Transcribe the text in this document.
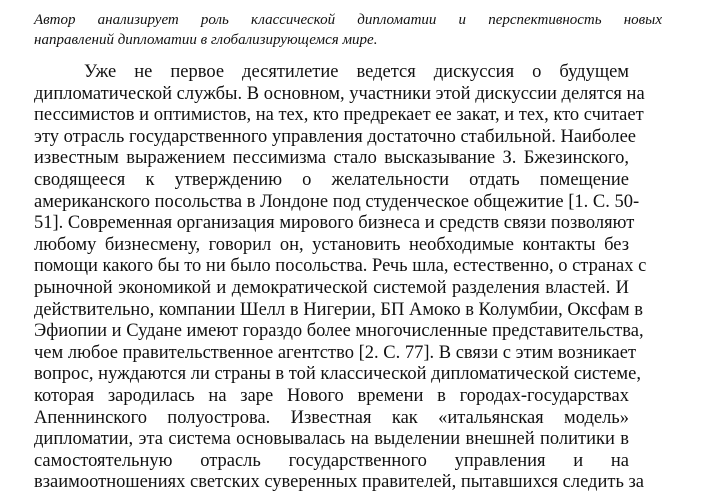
Автор анализирует роль классической дипломатии и перспективность новых
направлений дипломатии в глобализирующемся мире.
Уже не первое десятилетие ведется дискуссия о будущем
дипломатической службы. В основном, участники этой дискуссии делятся на
пессимистов и оптимистов, на тех, кто предрекает ее закат, и тех, кто считает
эту отрасль государственного управления достаточно стабильной. Наиболее
известным выражением пессимизма стало высказывание З. Бжезинского,
сводящееся к утверждению о желательности отдать помещение
американского посольства в Лондоне под студенческое общежитие [1. С. 50-
51]. Современная организация мирового бизнеса и средств связи позволяют
любому бизнесмену, говорил он, установить необходимые контакты без
помощи какого бы то ни было посольства. Речь шла, естественно, о странах с
рыночной экономикой и демократической системой разделения властей. И
действительно, компании Шелл в Нигерии, БП Амоко в Колумбии, Оксфам в
Эфиопии и Судане имеют гораздо более многочисленные представительства,
чем любое правительственное агентство [2. С. 77]. В связи с этим возникает
вопрос, нуждаются ли страны в той классической дипломатической системе,
которая зародилась на заре Нового времени в городах-государствах
Апеннинского полуострова. Известная как «итальянская модель»
дипломатии, эта система основывалась на выделении внешней политики в
самостоятельную отрасль государственного управления и на
взаимоотношениях светских суверенных правителей, пытавшихся следить за
